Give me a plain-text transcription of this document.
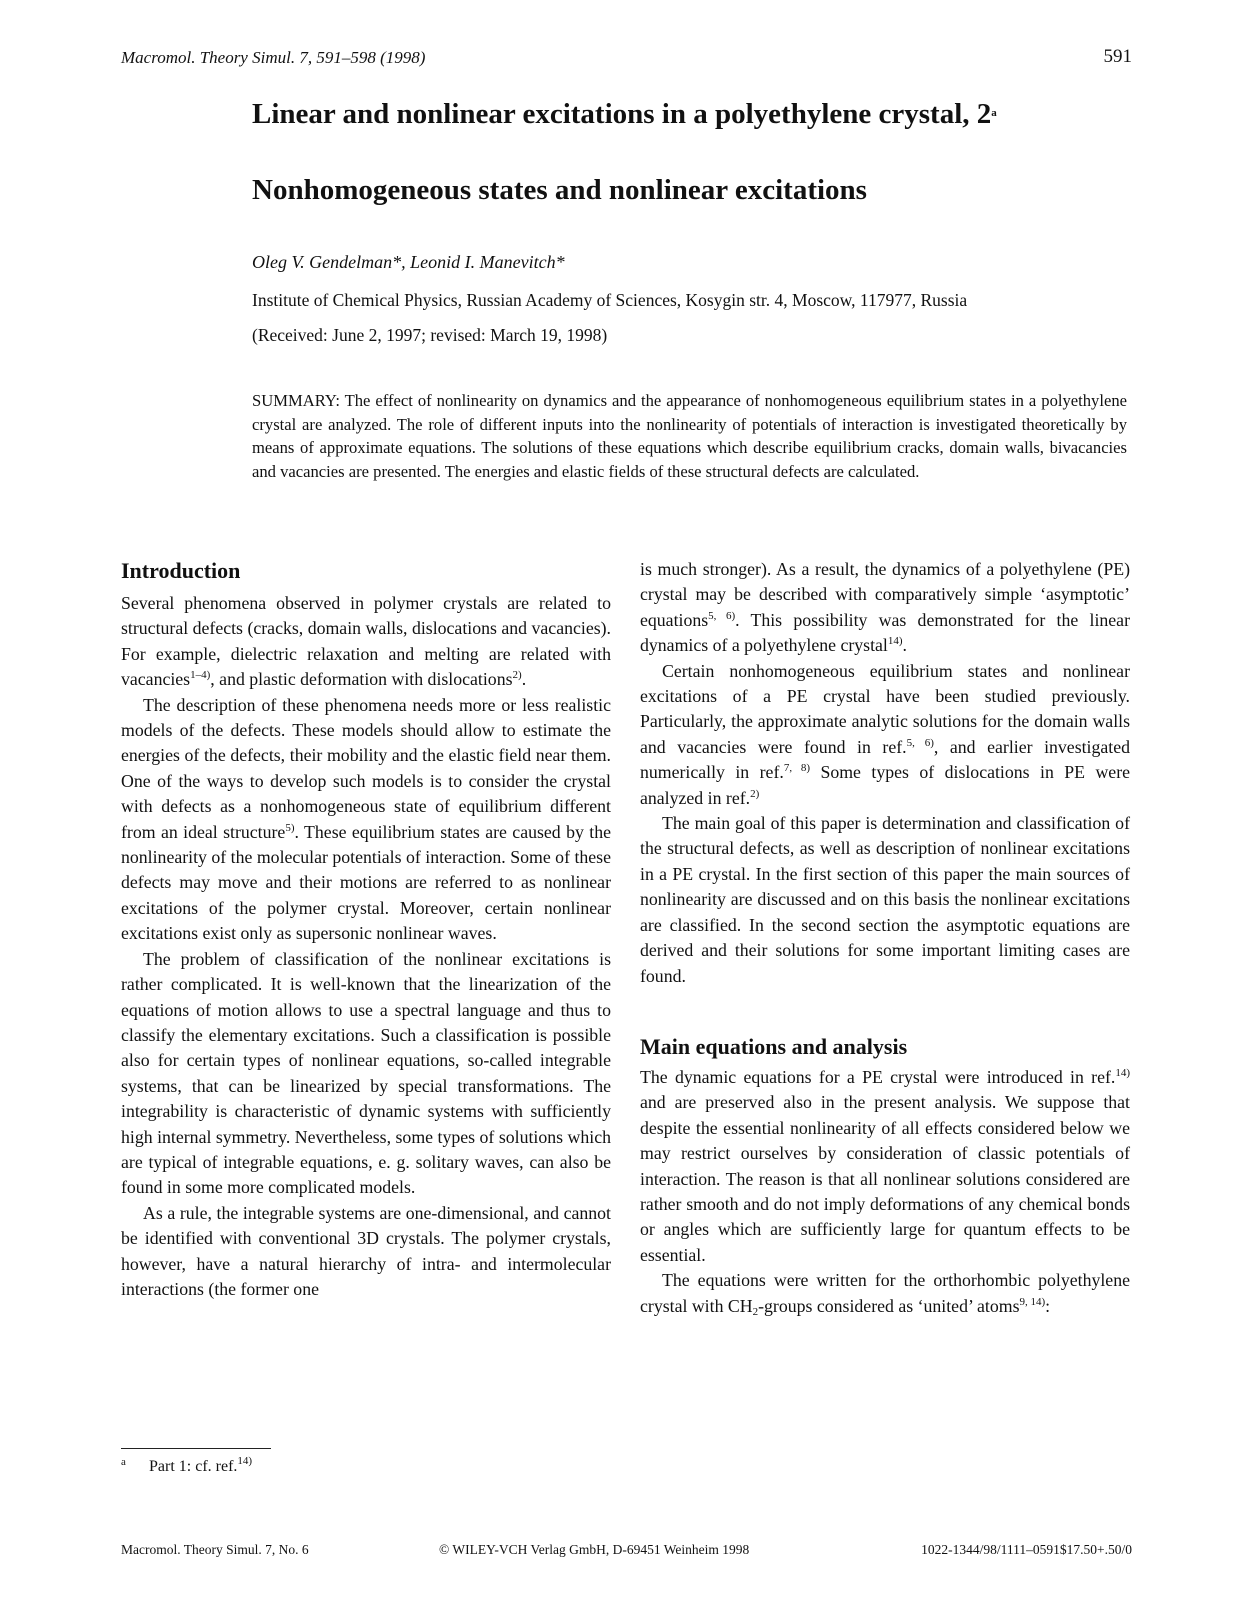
Macromol. Theory Simul. 7, 591–598 (1998)	591
Linear and nonlinear excitations in a polyethylene crystal, 2$^a$
Nonhomogeneous states and nonlinear excitations
Oleg V. Gendelman*, Leonid I. Manevitch*
Institute of Chemical Physics, Russian Academy of Sciences, Kosygin str. 4, Moscow, 117977, Russia
(Received: June 2, 1997; revised: March 19, 1998)
SUMMARY: The effect of nonlinearity on dynamics and the appearance of nonhomogeneous equilibrium states in a polyethylene crystal are analyzed. The role of different inputs into the nonlinearity of potentials of interaction is investigated theoretically by means of approximate equations. The solutions of these equations which describe equilibrium cracks, domain walls, bivacancies and vacancies are presented. The energies and elastic fields of these structural defects are calculated.
Introduction

Several phenomena observed in polymer crystals are related to structural defects (cracks, domain walls, dislocations and vacancies). For example, dielectric relaxation and melting are related with vacancies$^{1-4)}$, and plastic deformation with dislocations$^{2)}$.

The description of these phenomena needs more or less realistic models of the defects. These models should allow to estimate the energies of the defects, their mobility and the elastic field near them. One of the ways to develop such models is to consider the crystal with defects as a nonhomogeneous state of equilibrium different from an ideal structure$^{5)}$. These equilibrium states are caused by the nonlinearity of the molecular potentials of interaction. Some of these defects may move and their motions are referred to as nonlinear excitations of the polymer crystal. Moreover, certain nonlinear excitations exist only as supersonic nonlinear waves.

The problem of classification of the nonlinear excitations is rather complicated. It is well-known that the linearization of the equations of motion allows to use a spectral language and thus to classify the elementary excitations. Such a classification is possible also for certain types of nonlinear equations, so-called integrable systems, that can be linearized by special transformations. The integrability is characteristic of dynamic systems with sufficiently high internal symmetry. Nevertheless, some types of solutions which are typical of integrable equations, e. g. solitary waves, can also be found in some more complicated models.

As a rule, the integrable systems are one-dimensional, and cannot be identified with conventional 3D crystals. The polymer crystals, however, have a natural hierarchy of intra- and intermolecular interactions (the former one

is much stronger). As a result, the dynamics of a polyethylene (PE) crystal may be described with comparatively simple ‘asymptotic’ equations$^{5, 6)}$. This possibility was demonstrated for the linear dynamics of a polyethylene crystal$^{14)}$.

Certain nonhomogeneous equilibrium states and nonlinear excitations of a PE crystal have been studied previously. Particularly, the approximate analytic solutions for the domain walls and vacancies were found in ref.$^{5, 6)}$, and earlier investigated numerically in ref.$^{7, 8)}$ Some types of dislocations in PE were analyzed in ref.$^{2)}$

The main goal of this paper is determination and classification of the structural defects, as well as description of nonlinear excitations in a PE crystal. In the first section of this paper the main sources of nonlinearity are discussed and on this basis the nonlinear excitations are classified. In the second section the asymptotic equations are derived and their solutions for some important limiting cases are found.

Main equations and analysis

The dynamic equations for a PE crystal were introduced in ref.$^{14)}$ and are preserved also in the present analysis. We suppose that despite the essential nonlinearity of all effects considered below we may restrict ourselves by consideration of classic potentials of interaction. The reason is that all nonlinear solutions considered are rather smooth and do not imply deformations of any chemical bonds or angles which are sufficiently large for quantum effects to be essential.

The equations were written for the orthorhombic polyethylene crystal with $CH_2$-groups considered as ‘united’ atoms$^{9, 14)}$:

a Part 1: cf. ref.$^{14)}$
Macromol. Theory Simul. 7, No. 6	© WILEY-VCH Verlag GmbH, D-69451 Weinheim 1998	1022-1344/98/1111–0591$17.50+.50/0
